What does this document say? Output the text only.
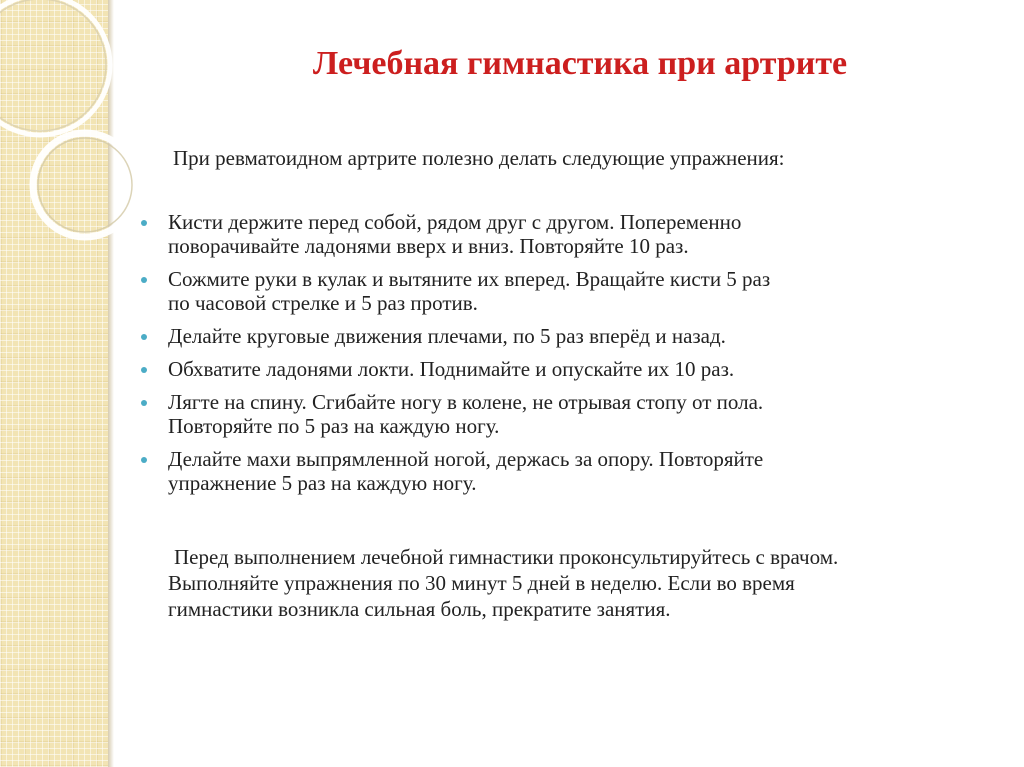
Лечебная гимнастика при артрите

При ревматоидном артрите полезно делать следующие упражнения:

Кисти держите перед собой, рядом друг с другом. Попеременно
поворачивайте ладонями вверх и вниз. Повторяйте 10 раз.
Сожмите руки в кулак и вытяните их вперед. Вращайте кисти 5 раз
по часовой стрелке и 5 раз против.
Делайте круговые движения плечами, по 5 раз вперёд и назад.
Обхватите ладонями локти. Поднимайте и опускайте их 10 раз.
Лягте на спину. Сгибайте ногу в колене, не отрывая стопу от пола.
Повторяйте по 5 раз на каждую ногу.
Делайте махи выпрямленной ногой, держась за опору. Повторяйте
упражнение 5 раз на каждую ногу.

Перед выполнением лечебной гимнастики проконсультируйтесь с врачом.
Выполняйте упражнения по 30 минут 5 дней в неделю. Если во время
гимнастики возникла сильная боль, прекратите занятия.
